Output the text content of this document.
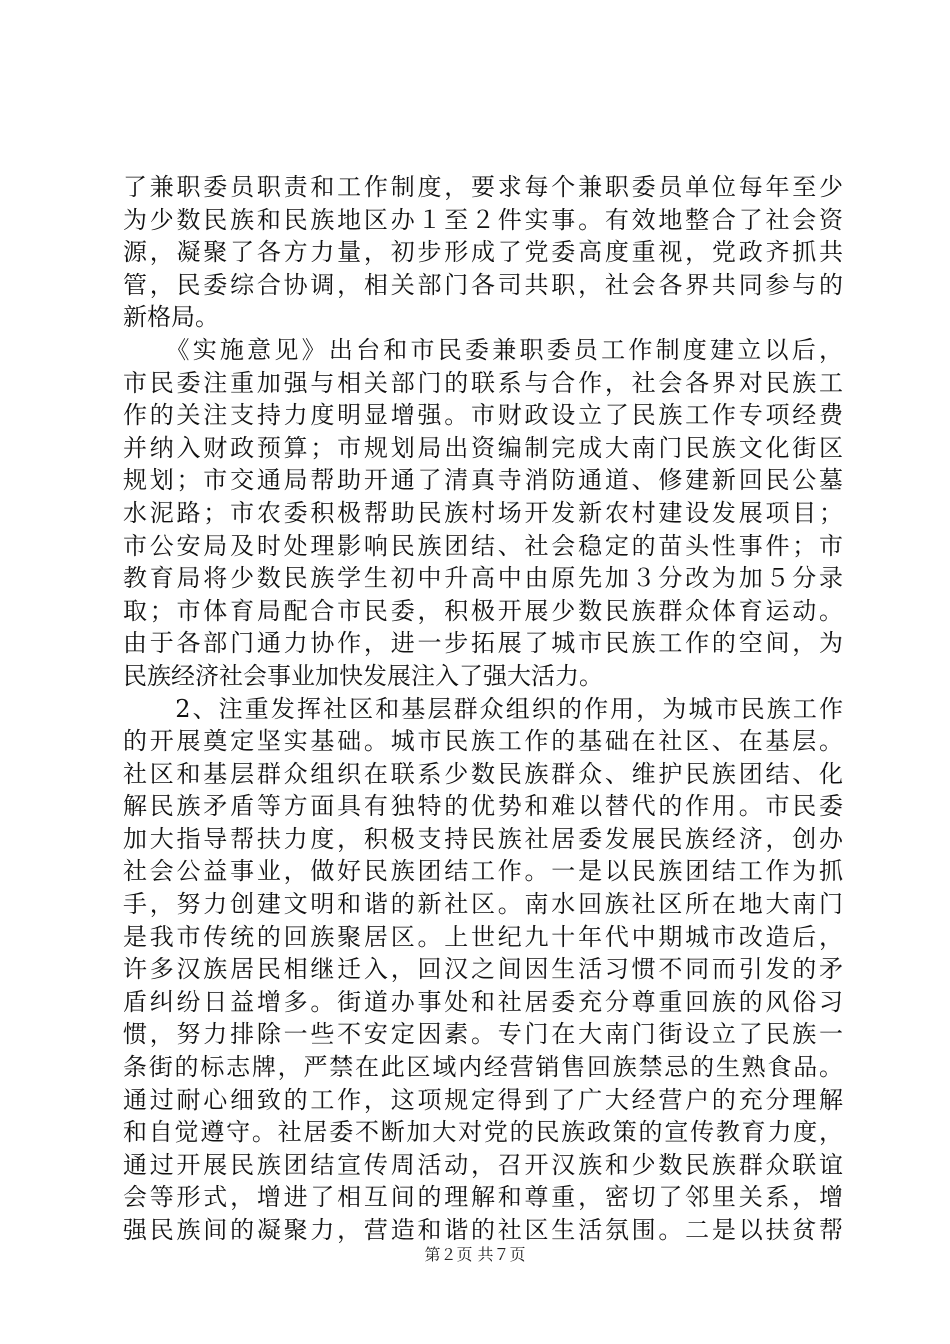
了兼职委员职责和工作制度，要求每个兼职委员单位每年至少
为少数民族和民族地区办１至２件实事。有效地整合了社会资
源，凝聚了各方力量，初步形成了党委高度重视，党政齐抓共
管，民委综合协调，相关部门各司共职，社会各界共同参与的
新格局。
　　《实施意见》出台和市民委兼职委员工作制度建立以后，
市民委注重加强与相关部门的联系与合作，社会各界对民族工
作的关注支持力度明显增强。市财政设立了民族工作专项经费
并纳入财政预算；市规划局出资编制完成大南门民族文化街区
规划；市交通局帮助开通了清真寺消防通道、修建新回民公墓
水泥路；市农委积极帮助民族村场开发新农村建设发展项目；
市公安局及时处理影响民族团结、社会稳定的苗头性事件；市
教育局将少数民族学生初中升高中由原先加３分改为加５分录
取；市体育局配合市民委，积极开展少数民族群众体育运动。
由于各部门通力协作，进一步拓展了城市民族工作的空间，为
民族经济社会事业加快发展注入了强大活力。
　　2、注重发挥社区和基层群众组织的作用，为城市民族工作
的开展奠定坚实基础。城市民族工作的基础在社区、在基层。
社区和基层群众组织在联系少数民族群众、维护民族团结、化
解民族矛盾等方面具有独特的优势和难以替代的作用。市民委
加大指导帮扶力度，积极支持民族社居委发展民族经济，创办
社会公益事业，做好民族团结工作。一是以民族团结工作为抓
手，努力创建文明和谐的新社区。南水回族社区所在地大南门
是我市传统的回族聚居区。上世纪九十年代中期城市改造后，
许多汉族居民相继迁入，回汉之间因生活习惯不同而引发的矛
盾纠纷日益增多。街道办事处和社居委充分尊重回族的风俗习
惯，努力排除一些不安定因素。专门在大南门街设立了民族一
条街的标志牌，严禁在此区域内经营销售回族禁忌的生熟食品。
通过耐心细致的工作，这项规定得到了广大经营户的充分理解
和自觉遵守。社居委不断加大对党的民族政策的宣传教育力度，
通过开展民族团结宣传周活动，召开汉族和少数民族群众联谊
会等形式，增进了相互间的理解和尊重，密切了邻里关系，增
强民族间的凝聚力，营造和谐的社区生活氛围。二是以扶贫帮
第２页 共７页
